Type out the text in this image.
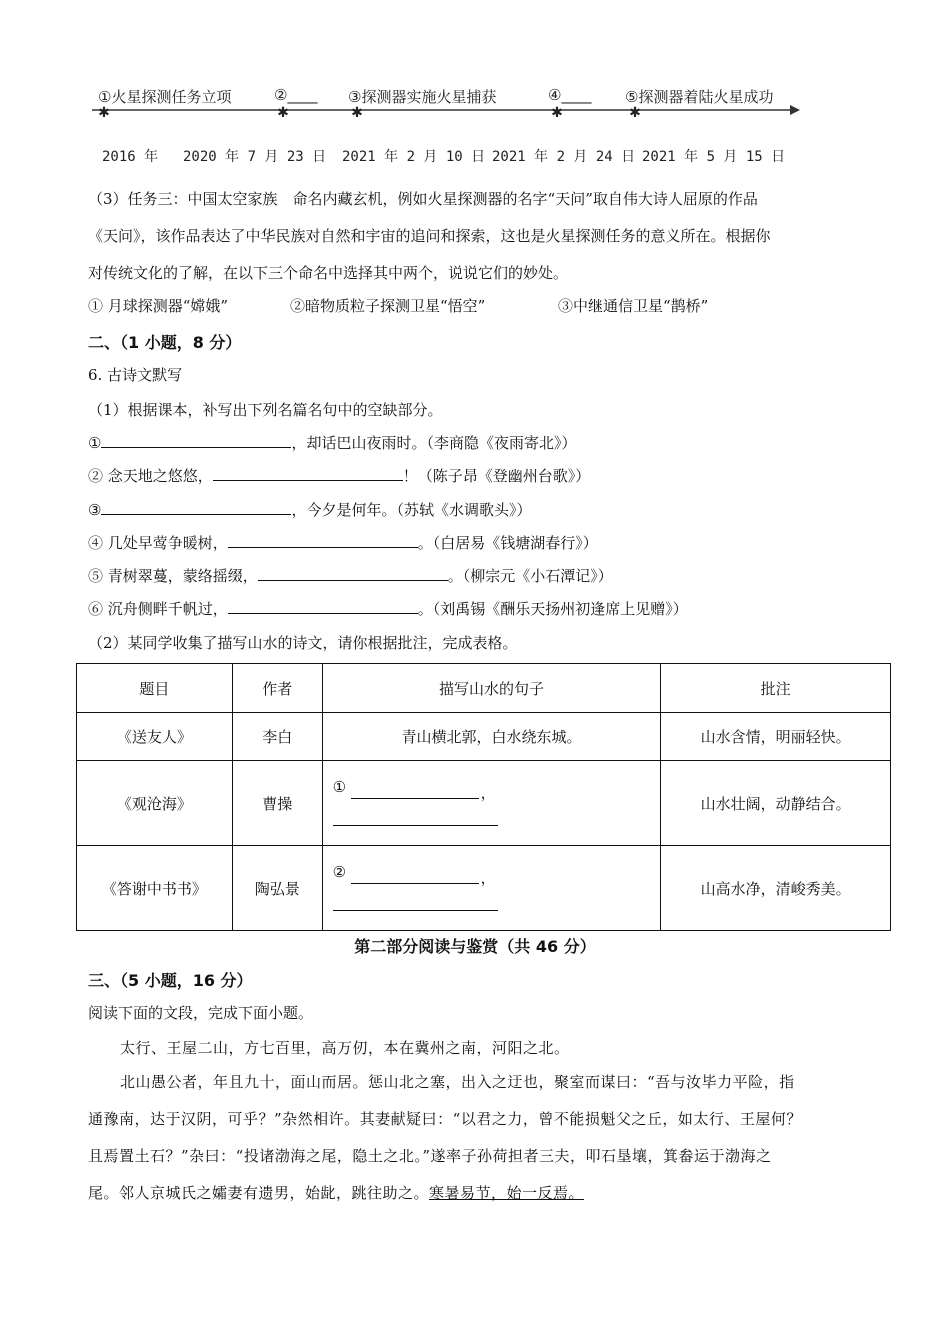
✱	✱	✱	✱	✱
①火星探测任务立项	②____ ③探测器实施火星捕获	④____ ⑤探测器着陆火星成功
2016 年 2020 年 7 月 23 日 2021 年 2 月 10 日 2021 年 2 月 24 日 2021 年 5 月 15 日
（3）任务三：中国太空家族　命名内藏玄机，例如火星探测器的名字“天问”取自伟大诗人屈原的作品
《天问》，该作品表达了中华民族对自然和宇宙的追问和探索，这也是火星探测任务的意义所在。根据你
对传统文化的了解，在以下三个命名中选择其中两个，说说它们的妙处。
① 月球探测器“嫦娥”	②暗物质粒子探测卫星“悟空”	③中继通信卫星“鹊桥”
二、（1 小题，8 分）
6. 古诗文默写
（1）根据课本，补写出下列名篇名句中的空缺部分。
①	，却话巴山夜雨时。（李商隐《夜雨寄北》）
② 念天地之悠悠，	！（陈子昂《登幽州台歌》）
③	，今夕是何年。（苏轼《水调歌头》）
④ 几处早莺争暖树，	。（白居易《钱塘湖春行》）
⑤ 青树翠蔓，蒙络摇缀，	。（柳宗元《小石潭记》）
⑥ 沉舟侧畔千帆过，	。（刘禹锡《酬乐天扬州初逢席上见赠》）
（2）某同学收集了描写山水的诗文，请你根据批注，完成表格。
题目	作者	描写山水的句子	批注
《送友人》	李白	青山横北郭，白水绕东城。	山水含情，明丽轻快。
《观沧海》	曹操	① ，	山水壮阔，动静结合。
《答谢中书书》	陶弘景	② ，	山高水净，清峻秀美。
第二部分阅读与鉴赏（共 46 分）
三、（5 小题，16 分）
阅读下面的文段，完成下面小题。
太行、王屋二山，方七百里，高万仞，本在冀州之南，河阳之北。
北山愚公者，年且九十，面山而居。惩山北之塞，出入之迂也，聚室而谋曰：“吾与汝毕力平险，指
通豫南，达于汉阴，可乎？”杂然相许。其妻献疑曰：“以君之力，曾不能损魁父之丘，如太行、王屋何？
且焉置土石？”杂曰：“投诸渤海之尾，隐土之北。”遂率子孙荷担者三夫，叩石垦壤，箕畚运于渤海之
尾。邻人京城氏之孀妻有遗男，始龀，跳往助之。寒暑易节，始一反焉。
